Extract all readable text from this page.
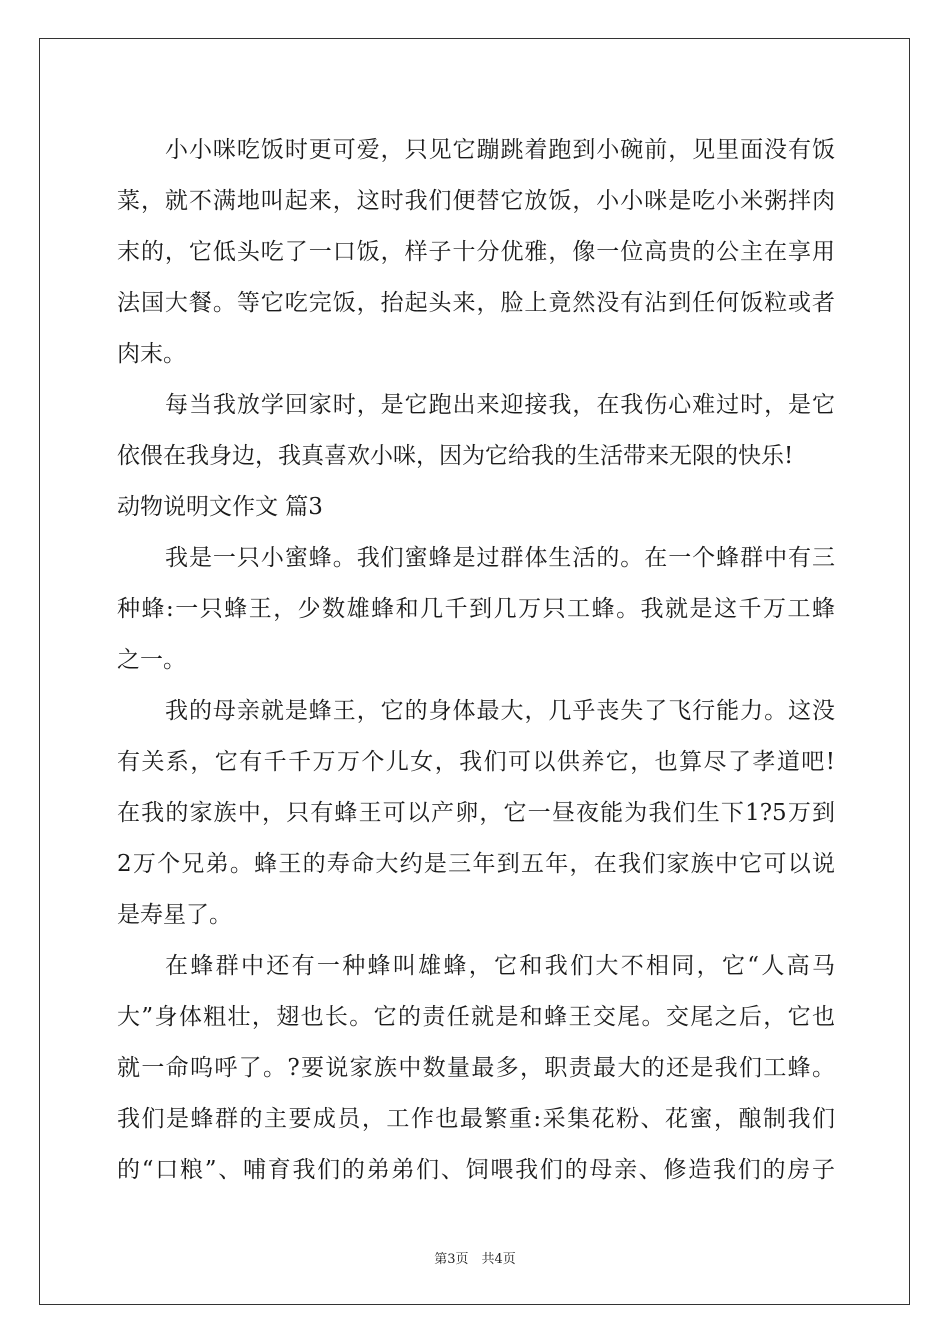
小小咪吃饭时更可爱，只见它蹦跳着跑到小碗前，见里面没有饭
菜，就不满地叫起来，这时我们便替它放饭，小小咪是吃小米粥拌肉
末的，它低头吃了一口饭，样子十分优雅，像一位高贵的公主在享用
法国大餐。等它吃完饭，抬起头来，脸上竟然没有沾到任何饭粒或者
肉末。
每当我放学回家时，是它跑出来迎接我，在我伤心难过时，是它
依偎在我身边，我真喜欢小咪，因为它给我的生活带来无限的快乐!
动物说明文作文 篇3
我是一只小蜜蜂。我们蜜蜂是过群体生活的。在一个蜂群中有三
种蜂:一只蜂王，少数雄蜂和几千到几万只工蜂。我就是这千万工蜂
之一。
我的母亲就是蜂王，它的身体最大，几乎丧失了飞行能力。这没
有关系，它有千千万万个儿女，我们可以供养它，也算尽了孝道吧!
在我的家族中，只有蜂王可以产卵，它一昼夜能为我们生下1?5万到
2万个兄弟。蜂王的寿命大约是三年到五年，在我们家族中它可以说
是寿星了。
在蜂群中还有一种蜂叫雄蜂，它和我们大不相同，它“人高马
大”身体粗壮，翅也长。它的责任就是和蜂王交尾。交尾之后，它也
就一命呜呼了。?要说家族中数量最多，职责最大的还是我们工蜂。
我们是蜂群的主要成员，工作也最繁重:采集花粉、花蜜，酿制我们
的“口粮”、哺育我们的弟弟们、饲喂我们的母亲、修造我们的房子
第3页　共4页
